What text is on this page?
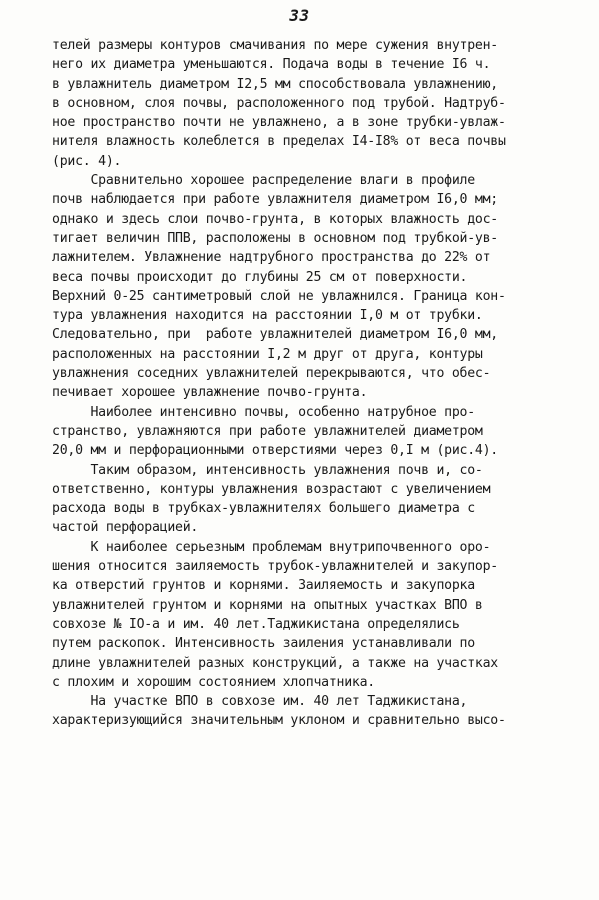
33
телей размеры контуров смачивания по мере сужения внутрен-
него их диаметра уменьшаются. Подача воды в течение I6 ч.
в увлажнитель диаметром I2,5 мм способствовала увлажнению,
в основном, слоя почвы, расположенного под трубой. Надтруб-
ное пространство почти не увлажнено, а в зоне трубки-увлаж-
нителя влажность колеблется в пределах I4-I8% от веса почвы
(рис. 4).
Сравнительно хорошее распределение влаги в профиле
почв наблюдается при работе увлажнителя диаметром I6,0 мм;
однако и здесь слои почво-грунта, в которых влажность дос-
тигает величин ППВ, расположены в основном под трубкой-ув-
лажнителем. Увлажнение надтрубного пространства до 22% от
веса почвы происходит до глубины 25 см от поверхности.
Верхний 0-25 сантиметровый слой не увлажнился. Граница кон-
тура увлажнения находится на расстоянии I,0 м от трубки.
Следовательно, при  работе увлажнителей диаметром I6,0 мм,
расположенных на расстоянии I,2 м друг от друга, контуры
увлажнения соседних увлажнителей перекрываются, что обес-
печивает хорошее увлажнение почво-грунта.
Наиболее интенсивно почвы, особенно натрубное про-
странство, увлажняются при работе увлажнителей диаметром
20,0 мм и перфорационными отверстиями через 0,I м (рис.4).
Таким образом, интенсивность увлажнения почв и, со-
ответственно, контуры увлажнения возрастают с увеличением
расхода воды в трубках-увлажнителях большего диаметра с
частой перфорацией.
К наиболее серьезным проблемам внутрипочвенного оро-
шения относится заиляемость трубок-увлажнителей и закупор-
ка отверстий грунтов и корнями. Заиляемость и закупорка
увлажнителей грунтом и корнями на опытных участках ВПО в
совхозе № IO-а и им. 40 лет.Таджикистана определялись
путем раскопок. Интенсивность заиления устанавливали по
длине увлажнителей разных конструкций, а также на участках
с плохим и хорошим состоянием хлопчатника.
На участке ВПО в совхозе им. 40 лет Таджикистана,
характеризующийся значительным уклоном и сравнительно высо-
